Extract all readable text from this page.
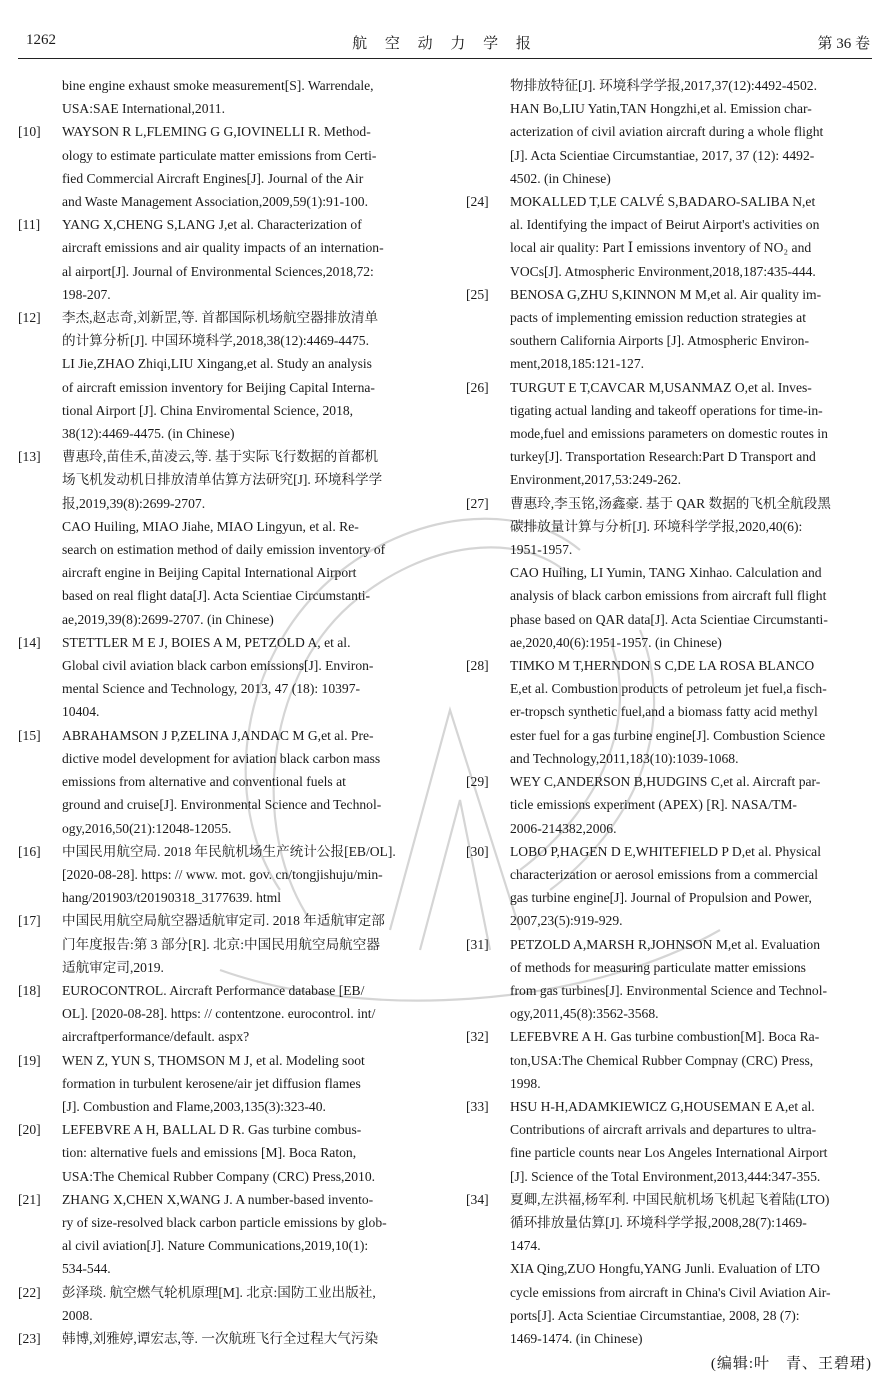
1262	航 空 动 力 学 报	第 36 卷
bine engine exhaust smoke measurement[S]. Warrendale,
USA:SAE International,2011.
[10] WAYSON R L,FLEMING G G,IOVINELLI R. Method-
ology to estimate particulate matter emissions from Certi-
fied Commercial Aircraft Engines[J]. Journal of the Air
and Waste Management Association,2009,59(1):91-100.
[11] YANG X,CHENG S,LANG J,et al. Characterization of
aircraft emissions and air quality impacts of an internation-
al airport[J]. Journal of Environmental Sciences,2018,72:
198-207.
[12] 李杰,赵志奇,刘新罡,等. 首都国际机场航空器排放清单
的计算分析[J]. 中国环境科学,2018,38(12):4469-4475.
LI Jie,ZHAO Zhiqi,LIU Xingang,et al. Study an analysis
of aircraft emission inventory for Beijing Capital Interna-
tional Airport [J]. China Enviromental Science, 2018,
38(12):4469-4475. (in Chinese)
[13] 曹惠玲,苗佳禾,苗凌云,等. 基于实际飞行数据的首都机
场飞机发动机日排放清单估算方法研究[J]. 环境科学学
报,2019,39(8):2699-2707.
CAO Huiling, MIAO Jiahe, MIAO Lingyun, et al. Re-
search on estimation method of daily emission inventory of
aircraft engine in Beijing Capital International Airport
based on real flight data[J]. Acta Scientiae Circumstanti-
ae,2019,39(8):2699-2707. (in Chinese)
[14] STETTLER M E J, BOIES A M, PETZOLD A, et al.
Global civil aviation black carbon emissions[J]. Environ-
mental Science and Technology, 2013, 47 (18): 10397-
10404.
[15] ABRAHAMSON J P,ZELINA J,ANDAC M G,et al. Pre-
dictive model development for aviation black carbon mass
emissions from alternative and conventional fuels at
ground and cruise[J]. Environmental Science and Technol-
ogy,2016,50(21):12048-12055.
[16] 中国民用航空局. 2018 年民航机场生产统计公报[EB/OL].
[2020-08-28]. https: // www. mot. gov. cn/tongjishuju/min-
hang/201903/t20190318_3177639. html
[17] 中国民用航空局航空器适航审定司. 2018 年适航审定部
门年度报告:第 3 部分[R]. 北京:中国民用航空局航空器
适航审定司,2019.
[18] EUROCONTROL. Aircraft Performance database [EB/
OL]. [2020-08-28]. https: // contentzone. eurocontrol. int/
aircraftperformance/default. aspx?
[19] WEN Z, YUN S, THOMSON M J, et al. Modeling soot
formation in turbulent kerosene/air jet diffusion flames
[J]. Combustion and Flame,2003,135(3):323-40.
[20] LEFEBVRE A H, BALLAL D R. Gas turbine combus-
tion: alternative fuels and emissions [M]. Boca Raton,
USA:The Chemical Rubber Company (CRC) Press,2010.
[21] ZHANG X,CHEN X,WANG J. A number-based invento-
ry of size-resolved black carbon particle emissions by glob-
al civil aviation[J]. Nature Communications,2019,10(1):
534-544.
[22] 彭泽琰. 航空燃气轮机原理[M]. 北京:国防工业出版社,
2008.
[23] 韩博,刘雅婷,谭宏志,等. 一次航班飞行全过程大气污染
物排放特征[J]. 环境科学学报,2017,37(12):4492-4502.
HAN Bo,LIU Yatin,TAN Hongzhi,et al. Emission char-
acterization of civil aviation aircraft during a whole flight
[J]. Acta Scientiae Circumstantiae, 2017, 37 (12): 4492-
4502. (in Chinese)
[24] MOKALLED T,LE CALVÉ S,BADARO-SALIBA N,et
al. Identifying the impact of Beirut Airport's activities on
local air quality: Part Ⅰ emissions inventory of NO₂ and
VOCs[J]. Atmospheric Environment,2018,187:435-444.
[25] BENOSA G,ZHU S,KINNON M M,et al. Air quality im-
pacts of implementing emission reduction strategies at
southern California Airports [J]. Atmospheric Environ-
ment,2018,185:121-127.
[26] TURGUT E T,CAVCAR M,USANMAZ O,et al. Inves-
tigating actual landing and takeoff operations for time-in-
mode,fuel and emissions parameters on domestic routes in
turkey[J]. Transportation Research:Part D Transport and
Environment,2017,53:249-262.
[27] 曹惠玲,李玉铭,汤鑫豪. 基于 QAR 数据的飞机全航段黑
碳排放量计算与分析[J]. 环境科学学报,2020,40(6):
1951-1957.
CAO Huiling, LI Yumin, TANG Xinhao. Calculation and
analysis of black carbon emissions from aircraft full flight
phase based on QAR data[J]. Acta Scientiae Circumstanti-
ae,2020,40(6):1951-1957. (in Chinese)
[28] TIMKO M T,HERNDON S C,DE LA ROSA BLANCO
E,et al. Combustion products of petroleum jet fuel,a fisch-
er-tropsch synthetic fuel,and a biomass fatty acid methyl
ester fuel for a gas turbine engine[J]. Combustion Science
and Technology,2011,183(10):1039-1068.
[29] WEY C,ANDERSON B,HUDGINS C,et al. Aircraft par-
ticle emissions experiment (APEX) [R]. NASA/TM-
2006-214382,2006.
[30] LOBO P,HAGEN D E,WHITEFIELD P D,et al. Physical
characterization or aerosol emissions from a commercial
gas turbine engine[J]. Journal of Propulsion and Power,
2007,23(5):919-929.
[31] PETZOLD A,MARSH R,JOHNSON M,et al. Evaluation
of methods for measuring particulate matter emissions
from gas turbines[J]. Environmental Science and Technol-
ogy,2011,45(8):3562-3568.
[32] LEFEBVRE A H. Gas turbine combustion[M]. Boca Ra-
ton,USA:The Chemical Rubber Compnay (CRC) Press,
1998.
[33] HSU H-H,ADAMKIEWICZ G,HOUSEMAN E A,et al.
Contributions of aircraft arrivals and departures to ultra-
fine particle counts near Los Angeles International Airport
[J]. Science of the Total Environment,2013,444:347-355.
[34] 夏卿,左洪福,杨军利. 中国民航机场飞机起飞着陆(LTO)
循环排放量估算[J]. 环境科学学报,2008,28(7):1469-
1474.
XIA Qing,ZUO Hongfu,YANG Junli. Evaluation of LTO
cycle emissions from aircraft in China's Civil Aviation Air-
ports[J]. Acta Scientiae Circumstantiae, 2008, 28 (7):
1469-1474. (in Chinese)
(编辑:叶　青、王碧珺)
